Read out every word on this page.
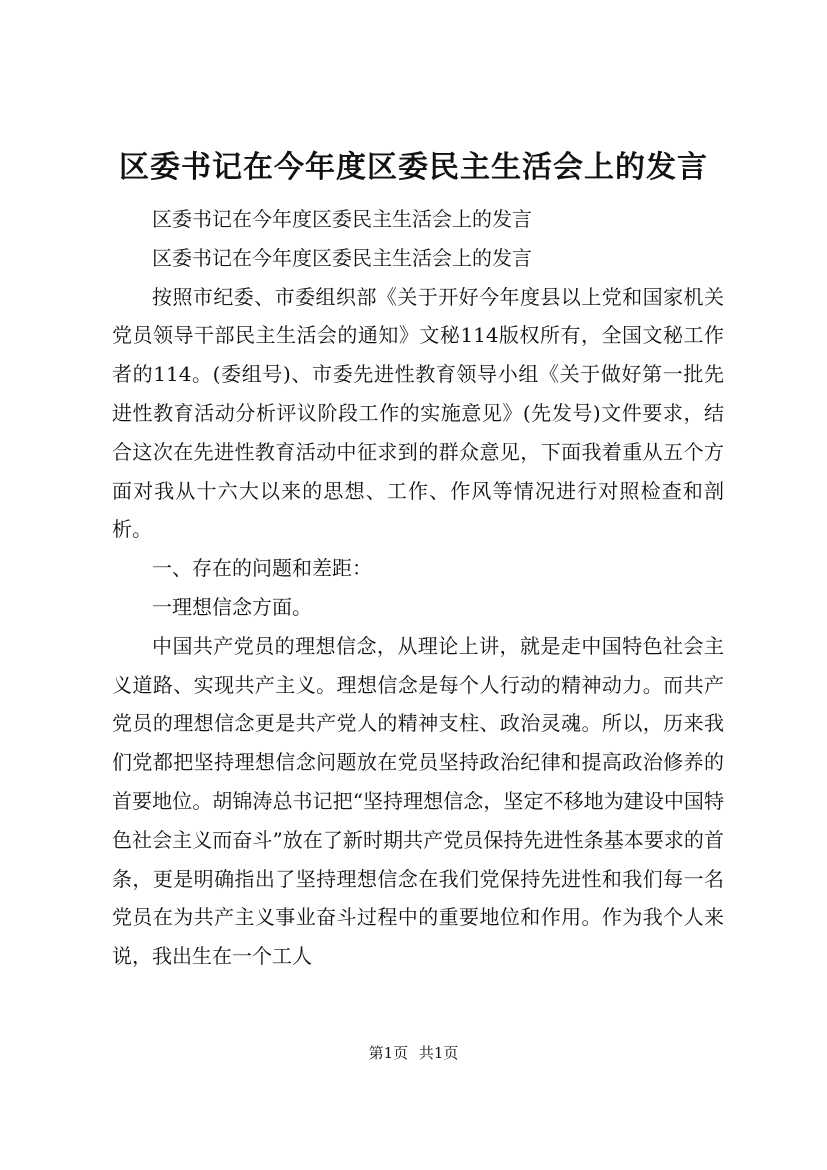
区委书记在今年度区委民主生活会上的发言

区委书记在今年度区委民主生活会上的发言

区委书记在今年度区委民主生活会上的发言

按照市纪委、市委组织部《关于开好今年度县以上党和国家机关党员领导干部民主生活会的通知》文秘114版权所有，全国文秘工作者的114。(委组号)、市委先进性教育领导小组《关于做好第一批先进性教育活动分析评议阶段工作的实施意见》(先发号)文件要求，结合这次在先进性教育活动中征求到的群众意见，下面我着重从五个方面对我从十六大以来的思想、工作、作风等情况进行对照检查和剖析。

一、存在的问题和差距：

一理想信念方面。

中国共产党员的理想信念，从理论上讲，就是走中国特色社会主义道路、实现共产主义。理想信念是每个人行动的精神动力。而共产党员的理想信念更是共产党人的精神支柱、政治灵魂。所以，历来我们党都把坚持理想信念问题放在党员坚持政治纪律和提高政治修养的首要地位。胡锦涛总书记把“坚持理想信念，坚定不移地为建设中国特色社会主义而奋斗”放在了新时期共产党员保持先进性条基本要求的首条，更是明确指出了坚持理想信念在我们党保持先进性和我们每一名党员在为共产主义事业奋斗过程中的重要地位和作用。作为我个人来说，我出生在一个工人

第1页 共1页
